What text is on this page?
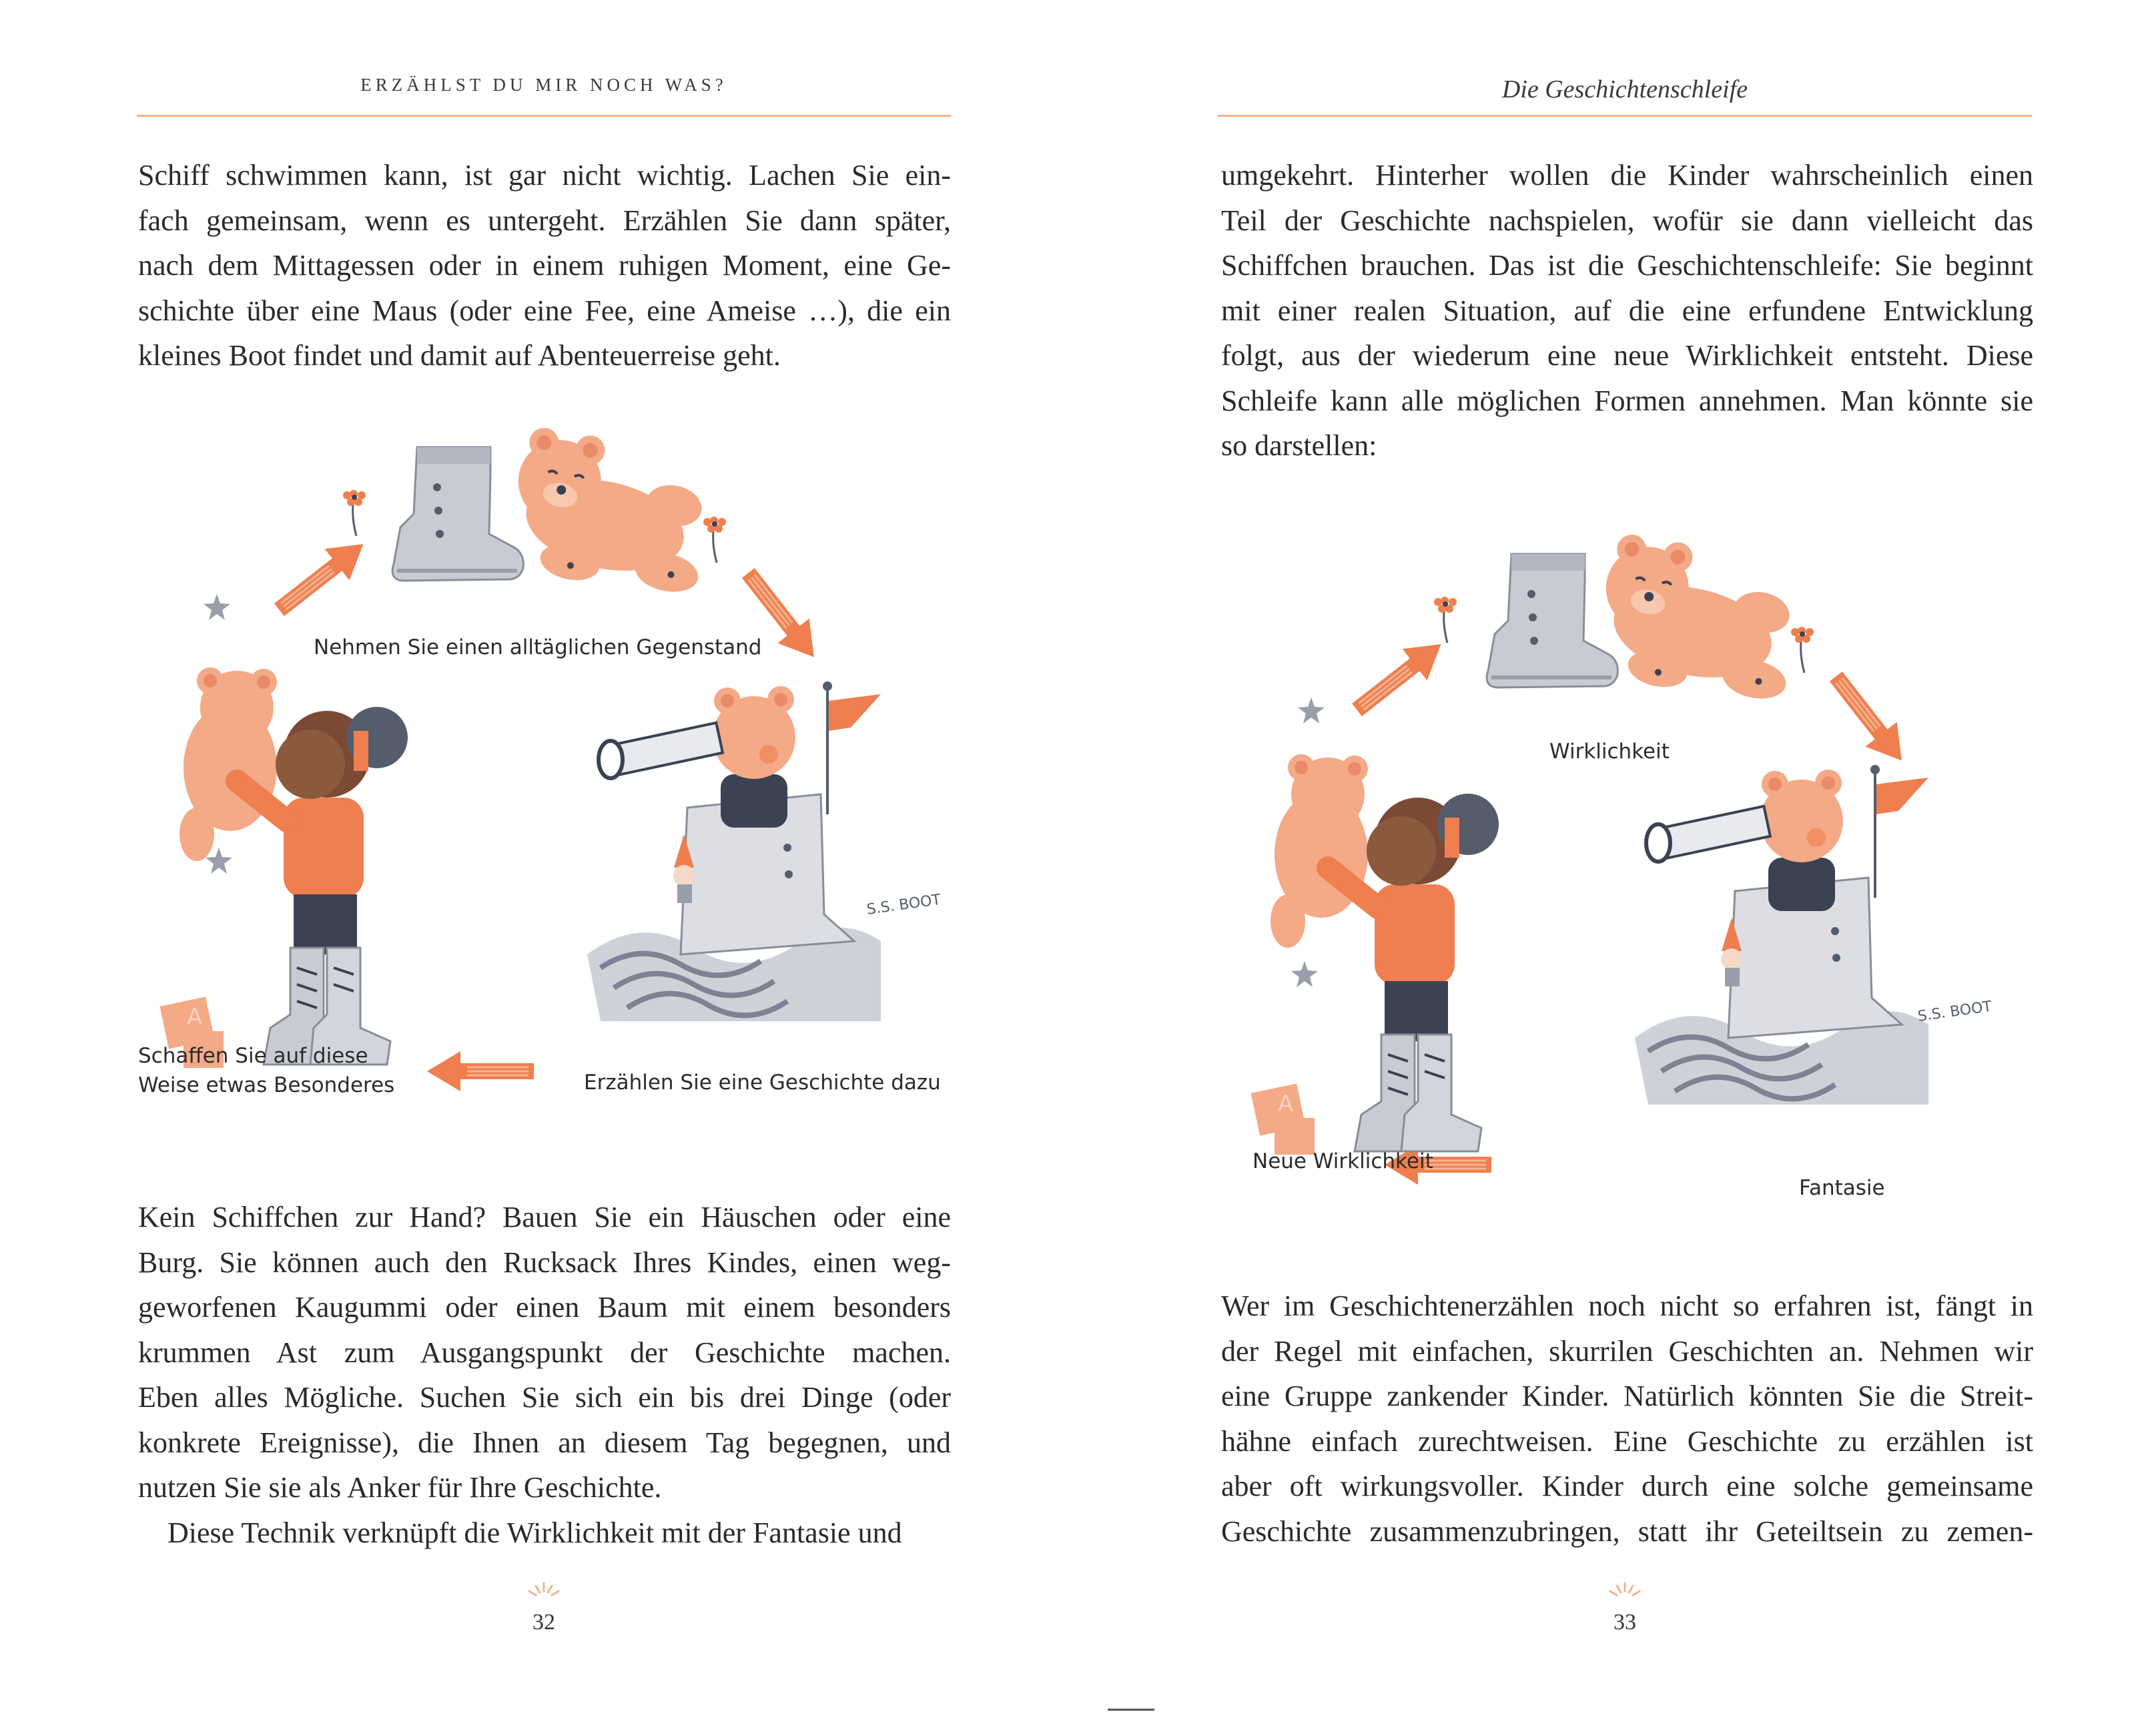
ERZÄHLST DU MIR NOCH WAS?
Schiff schwimmen kann, ist gar nicht wichtig. Lachen Sie ein-
fach gemeinsam, wenn es untergeht. Erzählen Sie dann später,
nach dem Mittagessen oder in einem ruhigen Moment, eine Ge-
schichte über eine Maus (oder eine Fee, eine Ameise …), die ein
kleines Boot findet und damit auf Abenteuerreise geht.
S.S. BOOT
Nehmen Sie einen alltäglichen Gegenstand
Erzählen Sie eine Geschichte dazu
Schaffen Sie auf diese
Weise etwas Besonderes
Kein Schiffchen zur Hand? Bauen Sie ein Häuschen oder eine
Burg. Sie können auch den Rucksack Ihres Kindes, einen weg-
geworfenen Kaugummi oder einen Baum mit einem besonders
krummen Ast zum Ausgangspunkt der Geschichte machen.
Eben alles Mögliche. Suchen Sie sich ein bis drei Dinge (oder
konkrete Ereignisse), die Ihnen an diesem Tag begegnen, und
nutzen Sie sie als Anker für Ihre Geschichte.
Diese Technik verknüpft die Wirklichkeit mit der Fantasie und
32
Die Geschichtenschleife
umgekehrt. Hinterher wollen die Kinder wahrscheinlich einen
Teil der Geschichte nachspielen, wofür sie dann vielleicht das
Schiffchen brauchen. Das ist die Geschichtenschleife: Sie beginnt
mit einer realen Situation, auf die eine erfundene Entwicklung
folgt, aus der wiederum eine neue Wirklichkeit entsteht. Diese
Schleife kann alle möglichen Formen annehmen. Man könnte sie
so darstellen:
S.S. BOOT
Wirklichkeit
Fantasie
Neue Wirklichkeit
Wer im Geschichtenerzählen noch nicht so erfahren ist, fängt in
der Regel mit einfachen, skurrilen Geschichten an. Nehmen wir
eine Gruppe zankender Kinder. Natürlich könnten Sie die Streit-
hähne einfach zurechtweisen. Eine Geschichte zu erzählen ist
aber oft wirkungsvoller. Kinder durch eine solche gemeinsame
Geschichte zusammenzubringen, statt ihr Geteiltsein zu zemen-
33
